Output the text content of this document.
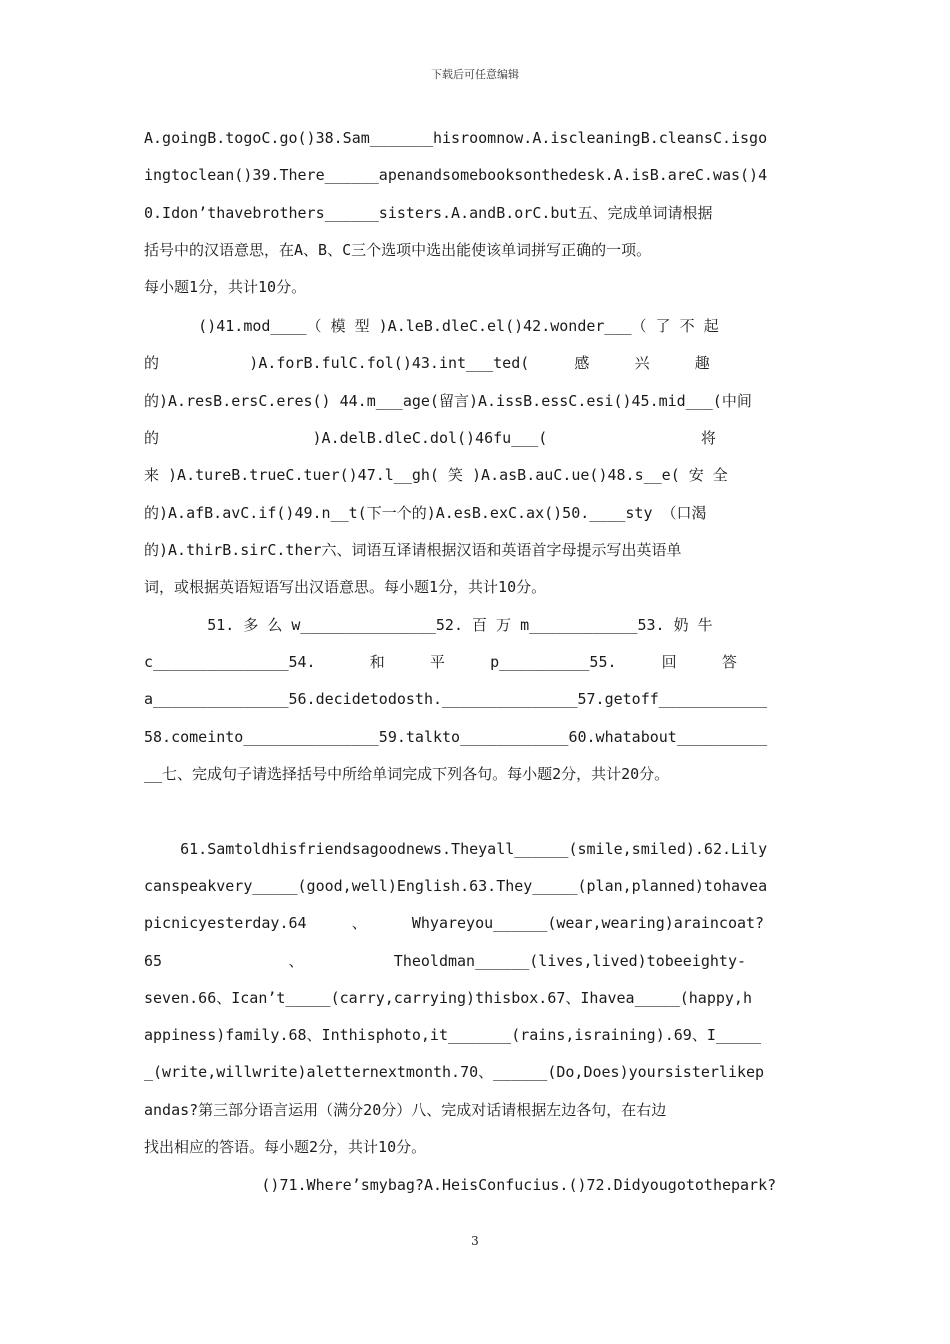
下载后可任意编辑
A.goingB.togoC.go()38.Sam_______hisroomnow.A.iscleaningB.cleansC.isgo
ingtoclean()39.There______apenandsomebooksonthedesk.A.isB.areC.was()4
0.Idon’thavebrothers______sisters.A.andB.orC.but五、完成单词请根据
括号中的汉语意思，在A、B、C三个选项中选出能使该单词拼写正确的一项。
每小题1分，共计10分。
()41.mod____（ 模 型 )A.leB.dleC.el()42.wonder___（ 了 不 起
的          )A.forB.fulC.fol()43.int___ted(     感     兴     趣
的)A.resB.ersC.eres() 44.m___age(留言)A.issB.essC.esi()45.mid___(中间
的                 )A.delB.dleC.dol()46fu___(                 将
来 )A.tureB.trueC.tuer()47.l__gh( 笑 )A.asB.auC.ue()48.s__e( 安 全
的)A.afB.avC.if()49.n__t(下一个的)A.esB.exC.ax()50.____sty （口渴
的)A.thirB.sirC.ther六、词语互译请根据汉语和英语首字母提示写出英语单
词，或根据英语短语写出汉语意思。每小题1分，共计10分。
51. 多 么 w_______________52. 百 万 m____________53. 奶 牛
c_______________54.      和     平     p__________55.     回     答
a_______________56.decidetodosth._______________57.getoff____________
58.comeinto_______________59.talkto____________60.whatabout__________
__七、完成句子请选择括号中所给单词完成下列各句。每小题2分，共计20分。
61.Samtoldhisfriendsagoodnews.Theyall______(smile,smiled).62.Lily
canspeakvery_____(good,well)English.63.They_____(plan,planned)tohavea
picnicyesterday.64     、     Whyareyou______(wear,wearing)araincoat?
65              、          Theoldman______(lives,lived)tobeeighty-
seven.66、Ican’t_____(carry,carrying)thisbox.67、Ihavea_____(happy,h
appiness)family.68、Inthisphoto,it_______(rains,israining).69、I_____
_(write,willwrite)aletternextmonth.70、______(Do,Does)yoursisterlikep
andas?第三部分语言运用（满分20分）八、完成对话请根据左边各句，在右边
找出相应的答语。每小题2分，共计10分。
()71.Where’smybag?A.HeisConfucius.()72.Didyougotothepark?
3
